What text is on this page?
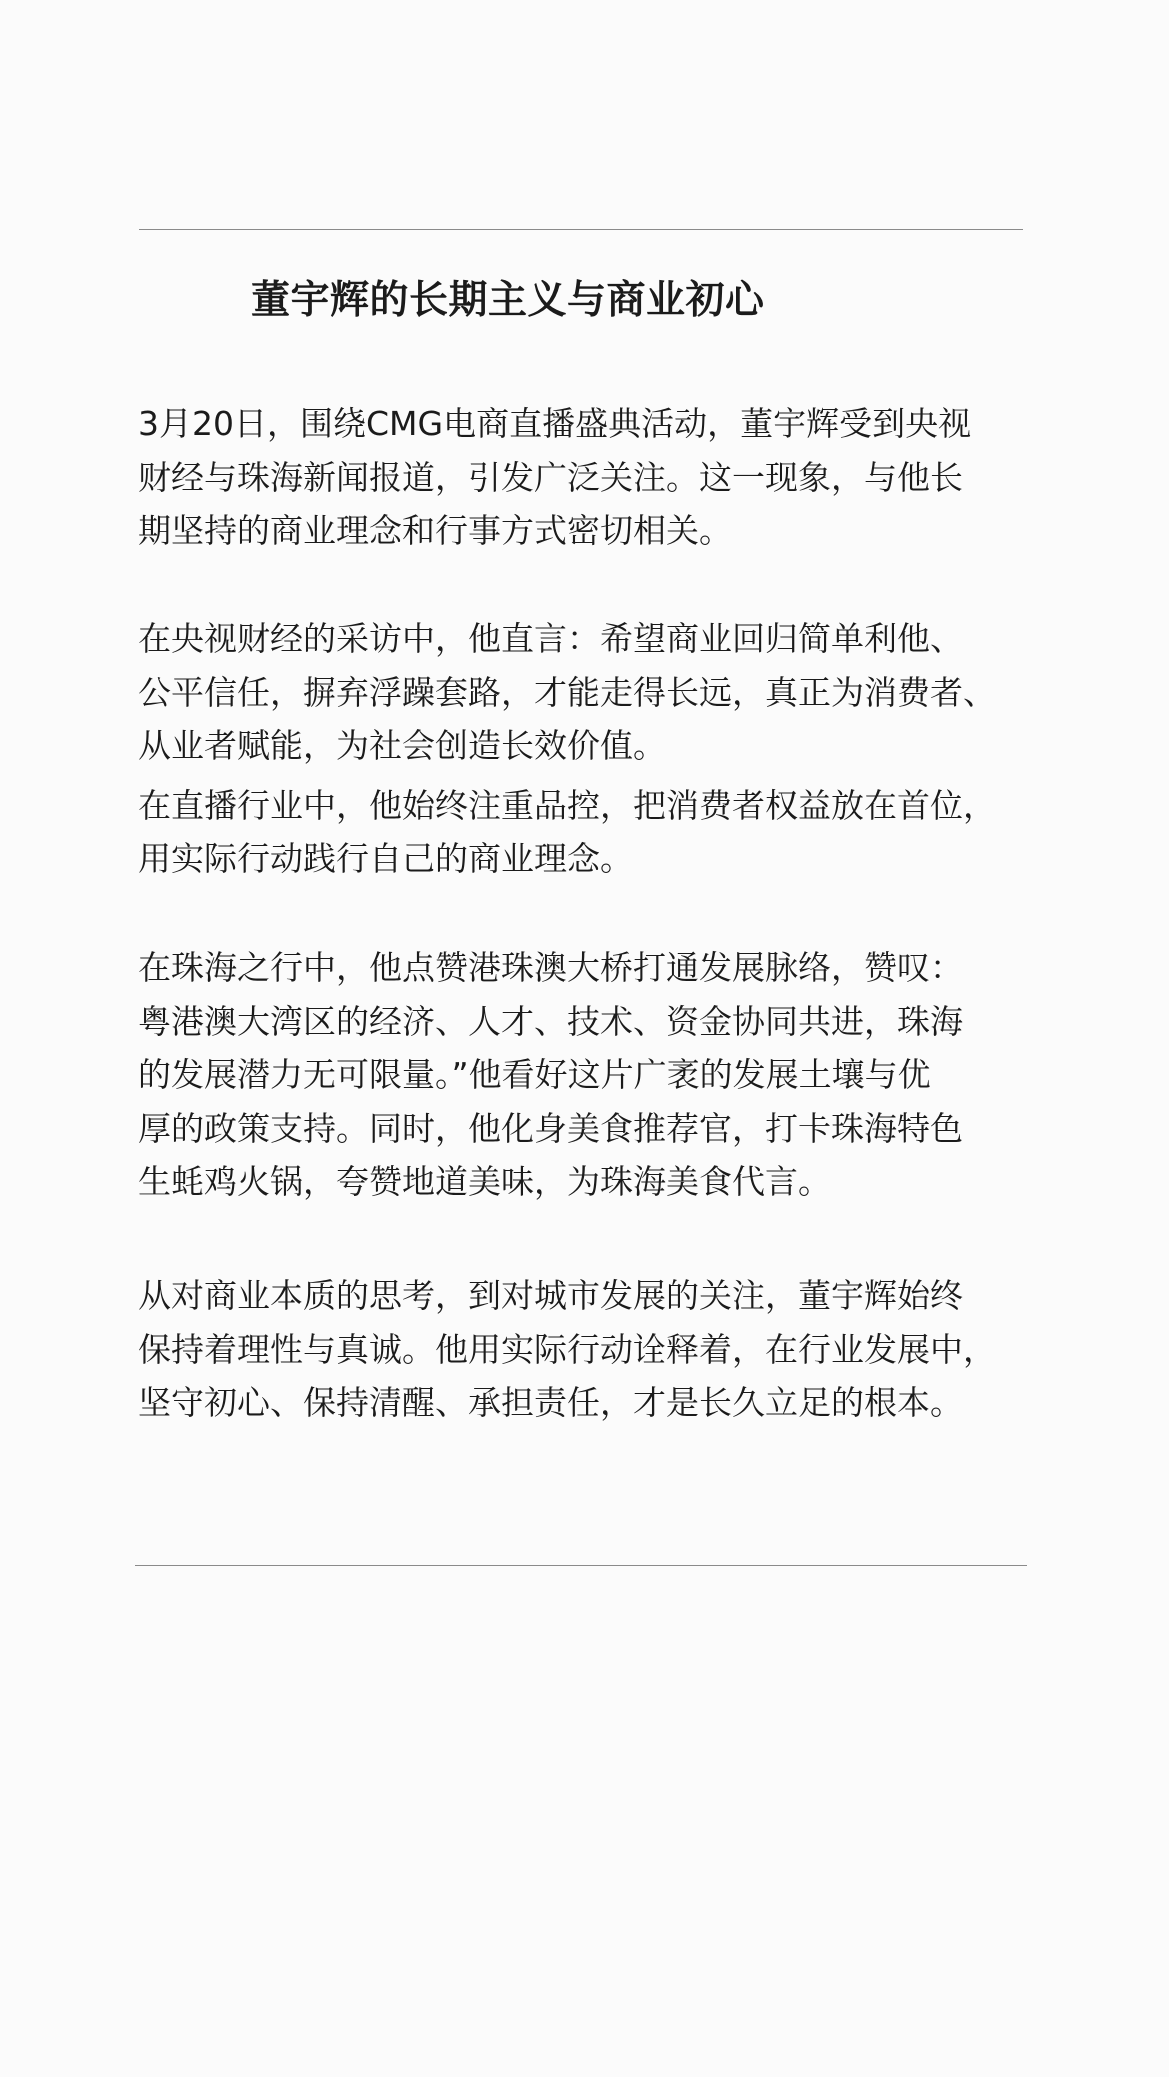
董宇辉的长期主义与商业初心
3月20日，围绕CMG电商直播盛典活动，董宇辉受到央视
财经与珠海新闻报道，引发广泛关注。这一现象，与他长
期坚持的商业理念和行事方式密切相关。
在央视财经的采访中，他直言：希望商业回归简单利他、
公平信任，摒弃浮躁套路，才能走得长远，真正为消费者、
从业者赋能，为社会创造长效价值。
在直播行业中，他始终注重品控，把消费者权益放在首位，
用实际行动践行自己的商业理念。
在珠海之行中，他点赞港珠澳大桥打通发展脉络，赞叹：
粤港澳大湾区的经济、人才、技术、资金协同共进，珠海
的发展潜力无可限量。”他看好这片广袤的发展土壤与优
厚的政策支持。同时，他化身美食推荐官，打卡珠海特色
生蚝鸡火锅，夸赞地道美味，为珠海美食代言。
从对商业本质的思考，到对城市发展的关注，董宇辉始终
保持着理性与真诚。他用实际行动诠释着，在行业发展中，
坚守初心、保持清醒、承担责任，才是长久立足的根本。
